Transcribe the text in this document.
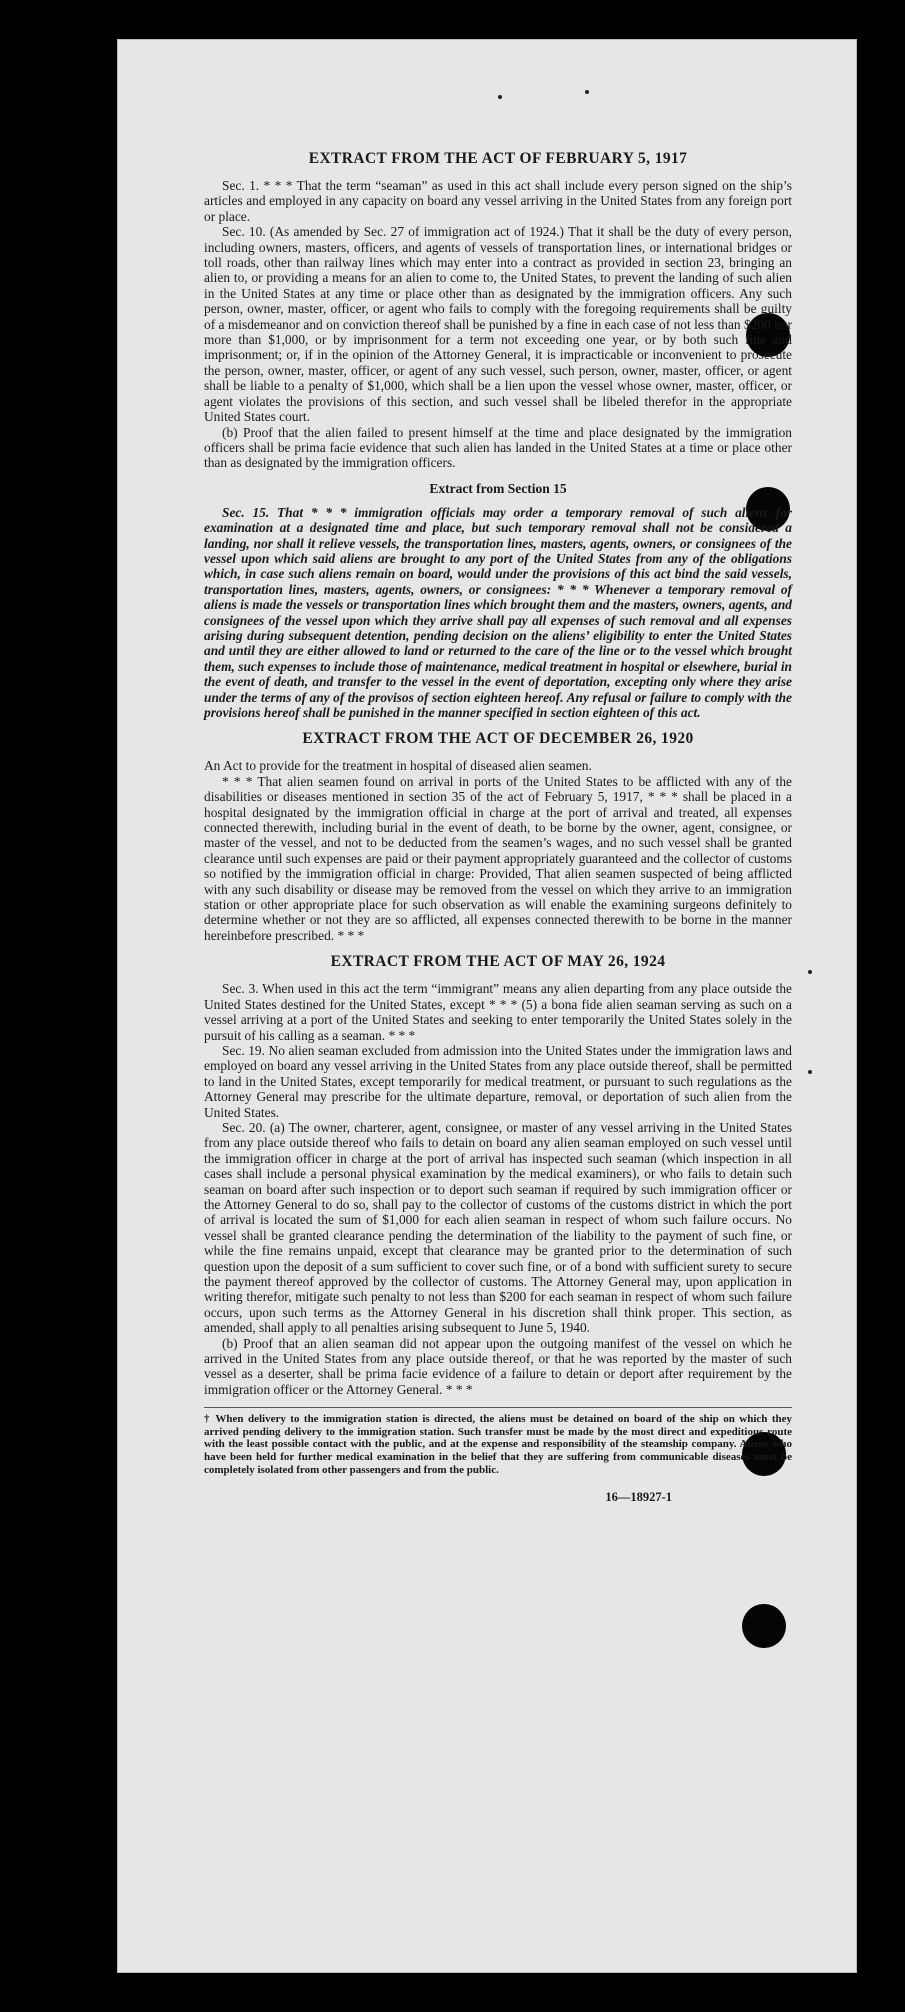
EXTRACT FROM THE ACT OF FEBRUARY 5, 1917

Sec. 1. * * * That the term “seaman” as used in this act shall include every person signed on the ship’s articles and employed in any capacity on board any vessel arriving in the United States from any foreign port or place.

Sec. 10. (As amended by Sec. 27 of immigration act of 1924.) That it shall be the duty of every person, including owners, masters, officers, and agents of vessels of transportation lines, or international bridges or toll roads, other than railway lines which may enter into a contract as provided in section 23, bringing an alien to, or providing a means for an alien to come to, the United States, to prevent the landing of such alien in the United States at any time or place other than as designated by the immigration officers. Any such person, owner, master, officer, or agent who fails to comply with the foregoing requirements shall be guilty of a misdemeanor and on conviction thereof shall be punished by a fine in each case of not less than $200 nor more than $1,000, or by imprisonment for a term not exceeding one year, or by both such fine and imprisonment; or, if in the opinion of the Attorney General, it is impracticable or inconvenient to prosecute the person, owner, master, officer, or agent of any such vessel, such person, owner, master, officer, or agent shall be liable to a penalty of $1,000, which shall be a lien upon the vessel whose owner, master, officer, or agent violates the provisions of this section, and such vessel shall be libeled therefor in the appropriate United States court.

(b) Proof that the alien failed to present himself at the time and place designated by the immigration officers shall be prima facie evidence that such alien has landed in the United States at a time or place other than as designated by the immigration officers.

Extract from Section 15

Sec. 15. That * * * immigration officials may order a temporary removal of such aliens for examination at a designated time and place, but such temporary removal shall not be considered a landing, nor shall it relieve vessels, the transportation lines, masters, agents, owners, or consignees of the vessel upon which said aliens are brought to any port of the United States from any of the obligations which, in case such aliens remain on board, would under the provisions of this act bind the said vessels, transportation lines, masters, agents, owners, or consignees: * * * Whenever a temporary removal of aliens is made the vessels or transportation lines which brought them and the masters, owners, agents, and consignees of the vessel upon which they arrive shall pay all expenses of such removal and all expenses arising during subsequent detention, pending decision on the aliens’ eligibility to enter the United States and until they are either allowed to land or returned to the care of the line or to the vessel which brought them, such expenses to include those of maintenance, medical treatment in hospital or elsewhere, burial in the event of death, and transfer to the vessel in the event of deportation, excepting only where they arise under the terms of any of the provisos of section eighteen hereof. Any refusal or failure to comply with the provisions hereof shall be punished in the manner specified in section eighteen of this act.

EXTRACT FROM THE ACT OF DECEMBER 26, 1920

An Act to provide for the treatment in hospital of diseased alien seamen.

* * * That alien seamen found on arrival in ports of the United States to be afflicted with any of the disabilities or diseases mentioned in section 35 of the act of February 5, 1917, * * * shall be placed in a hospital designated by the immigration official in charge at the port of arrival and treated, all expenses connected therewith, including burial in the event of death, to be borne by the owner, agent, consignee, or master of the vessel, and not to be deducted from the seamen’s wages, and no such vessel shall be granted clearance until such expenses are paid or their payment appropriately guaranteed and the collector of customs so notified by the immigration official in charge: Provided, That alien seamen suspected of being afflicted with any such disability or disease may be removed from the vessel on which they arrive to an immigration station or other appropriate place for such observation as will enable the examining surgeons definitely to determine whether or not they are so afflicted, all expenses connected therewith to be borne in the manner hereinbefore prescribed. * * *

EXTRACT FROM THE ACT OF MAY 26, 1924

Sec. 3. When used in this act the term “immigrant” means any alien departing from any place outside the United States destined for the United States, except * * * (5) a bona fide alien seaman serving as such on a vessel arriving at a port of the United States and seeking to enter temporarily the United States solely in the pursuit of his calling as a seaman. * * *

Sec. 19. No alien seaman excluded from admission into the United States under the immigration laws and employed on board any vessel arriving in the United States from any place outside thereof, shall be permitted to land in the United States, except temporarily for medical treatment, or pursuant to such regulations as the Attorney General may prescribe for the ultimate departure, removal, or deportation of such alien from the United States.

Sec. 20. (a) The owner, charterer, agent, consignee, or master of any vessel arriving in the United States from any place outside thereof who fails to detain on board any alien seaman employed on such vessel until the immigration officer in charge at the port of arrival has inspected such seaman (which inspection in all cases shall include a personal physical examination by the medical examiners), or who fails to detain such seaman on board after such inspection or to deport such seaman if required by such immigration officer or the Attorney General to do so, shall pay to the collector of customs of the customs district in which the port of arrival is located the sum of $1,000 for each alien seaman in respect of whom such failure occurs. No vessel shall be granted clearance pending the determination of the liability to the payment of such fine, or while the fine remains unpaid, except that clearance may be granted prior to the determination of such question upon the deposit of a sum sufficient to cover such fine, or of a bond with sufficient surety to secure the payment thereof approved by the collector of customs. The Attorney General may, upon application in writing therefor, mitigate such penalty to not less than $200 for each seaman in respect of whom such failure occurs, upon such terms as the Attorney General in his discretion shall think proper. This section, as amended, shall apply to all penalties arising subsequent to June 5, 1940.

(b) Proof that an alien seaman did not appear upon the outgoing manifest of the vessel on which he arrived in the United States from any place outside thereof, or that he was reported by the master of such vessel as a deserter, shall be prima facie evidence of a failure to detain or deport after requirement by the immigration officer or the Attorney General. * * *

† When delivery to the immigration station is directed, the aliens must be detained on board of the ship on which they arrived pending delivery to the immigration station. Such transfer must be made by the most direct and expeditious route with the least possible contact with the public, and at the expense and responsibility of the steamship company. Aliens who have been held for further medical examination in the belief that they are suffering from communicable diseases must be completely isolated from other passengers and from the public.
16—18927-1
